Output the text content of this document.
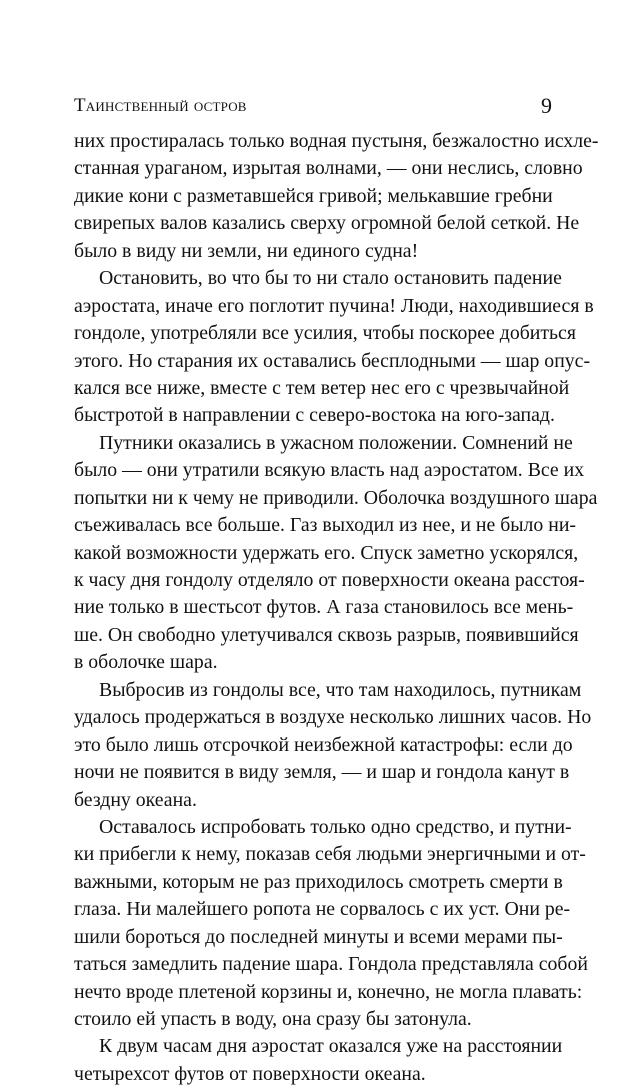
Таинственный остров	9
них простиралась только водная пустыня, безжалостно исхле-
станная ураганом, изрытая волнами, — они неслись, словно
дикие кони с разметавшейся гривой; мелькавшие гребни
свирепых валов казались сверху огромной белой сеткой. Не
было в виду ни земли, ни единого судна!
Остановить, во что бы то ни стало остановить падение
аэростата, иначе его поглотит пучина! Люди, находившиеся в
гондоле, употребляли все усилия, чтобы поскорее добиться
этого. Но старания их оставались бесплодными — шар опус-
кался все ниже, вместе с тем ветер нес его с чрезвычайной
быстротой в направлении с северо-востока на юго-запад.
Путники оказались в ужасном положении. Сомнений не
было — они утратили всякую власть над аэростатом. Все их
попытки ни к чему не приводили. Оболочка воздушного шара
съеживалась все больше. Газ выходил из нее, и не было ни-
какой возможности удержать его. Спуск заметно ускорялся,
к часу дня гондолу отделяло от поверхности океана расстоя-
ние только в шестьсот футов. А газа становилось все мень-
ше. Он свободно улетучивался сквозь разрыв, появившийся
в оболочке шара.
Выбросив из гондолы все, что там находилось, путникам
удалось продержаться в воздухе несколько лишних часов. Но
это было лишь отсрочкой неизбежной катастрофы: если до
ночи не появится в виду земля, — и шар и гондола канут в
бездну океана.
Оставалось испробовать только одно средство, и путни-
ки прибегли к нему, показав себя людьми энергичными и от-
важными, которым не раз приходилось смотреть смерти в
глаза. Ни малейшего ропота не сорвалось с их уст. Они ре-
шили бороться до последней минуты и всеми мерами пы-
таться замедлить падение шара. Гондола представляла собой
нечто вроде плетеной корзины и, конечно, не могла плавать:
стоило ей упасть в воду, она сразу бы затонула.
К двум часам дня аэростат оказался уже на расстоянии
четырехсот футов от поверхности океана.
